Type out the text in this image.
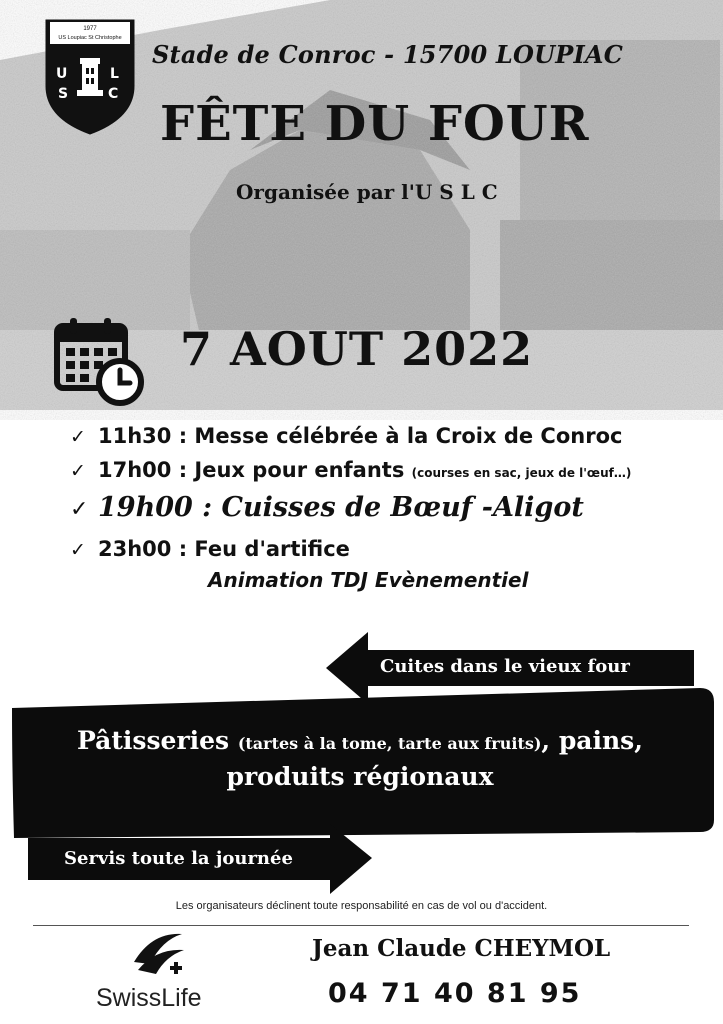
1977
US Loupiac St Christophe
U
S
L
C
Stade de Conroc - 15700 LOUPIAC
FÊTE DU FOUR
Organisée par l'U S L C
7 AOUT 2022
✓ 11h30 : Messe célébrée à la Croix de Conroc
✓ 17h00 : Jeux pour enfants (courses en sac, jeux de l'œuf…)
✓ 19h00 : Cuisses de Bœuf -Aligot
✓ 23h00 : Feu d'artifice
Animation TDJ Evènementiel
Cuites dans le vieux four
Pâtisseries (tartes à la tome, tarte aux fruits), pains,
produits régionaux
Servis toute la journée
Les organisateurs déclinent toute responsabilité en cas de vol ou d'accident.
SwissLife
Jean Claude CHEYMOL
04 71 40 81 95
